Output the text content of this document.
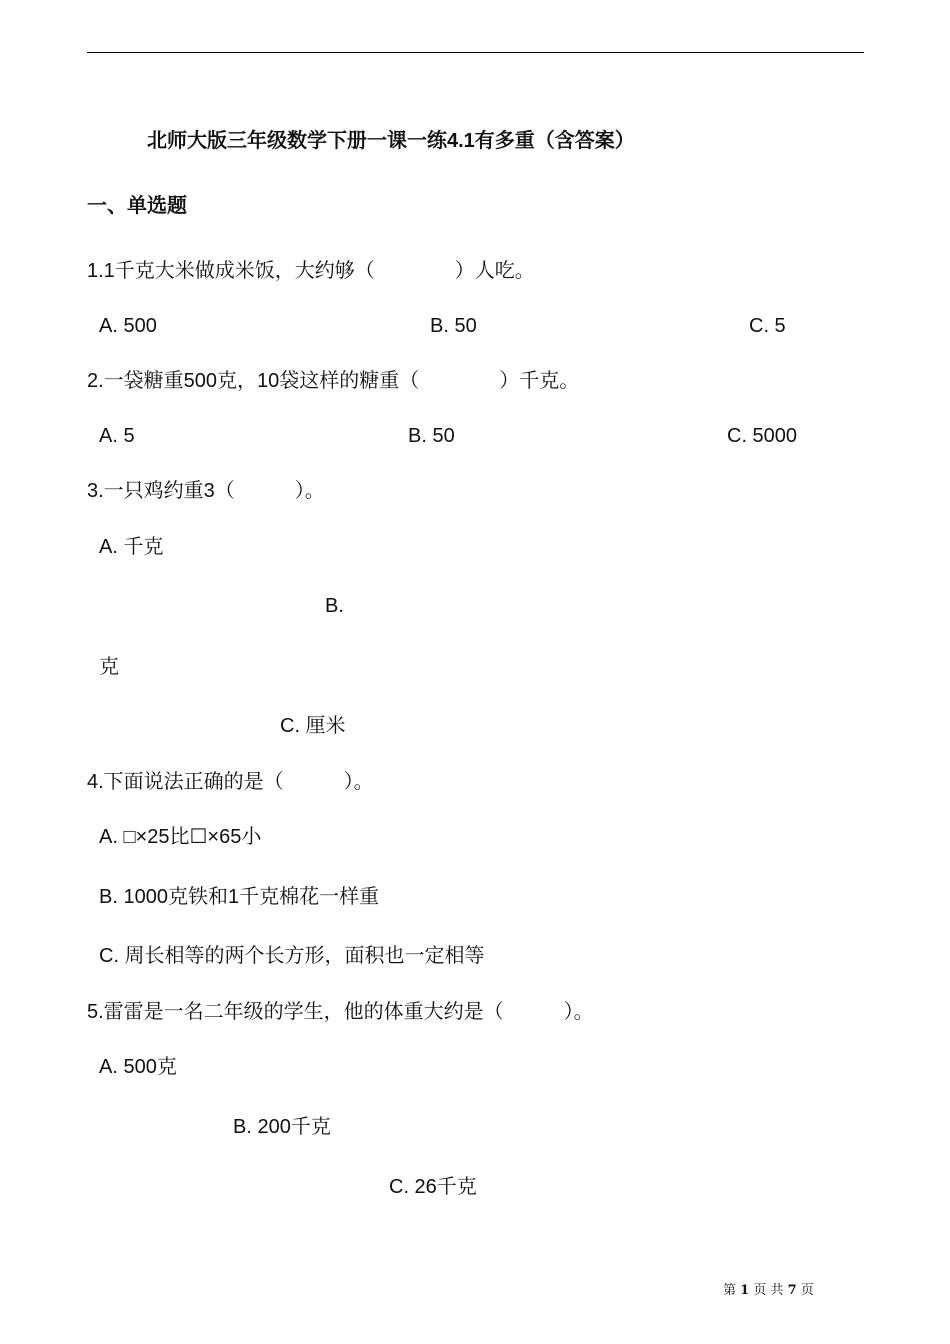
北师大版三年级数学下册一课一练4.1有多重（含答案）
一、单选题
1.1千克大米做成米饭，大约够（　　　　）人吃。
A. 500	B. 50	C. 5
2.一袋糖重500克，10袋这样的糖重（　　　　）千克。
A. 5	B. 50	C. 5000
3.一只鸡约重3（　　　）。
A. 千克
B.
克
C. 厘米
4.下面说法正确的是（　　　）。
A. □×25比☐×65小
B. 1000克铁和1千克棉花一样重
C. 周长相等的两个长方形，面积也一定相等
5.雷雷是一名二年级的学生，他的体重大约是（　　　）。
A. 500克
B. 200千克
C. 26千克
第 1 页 共 7 页
